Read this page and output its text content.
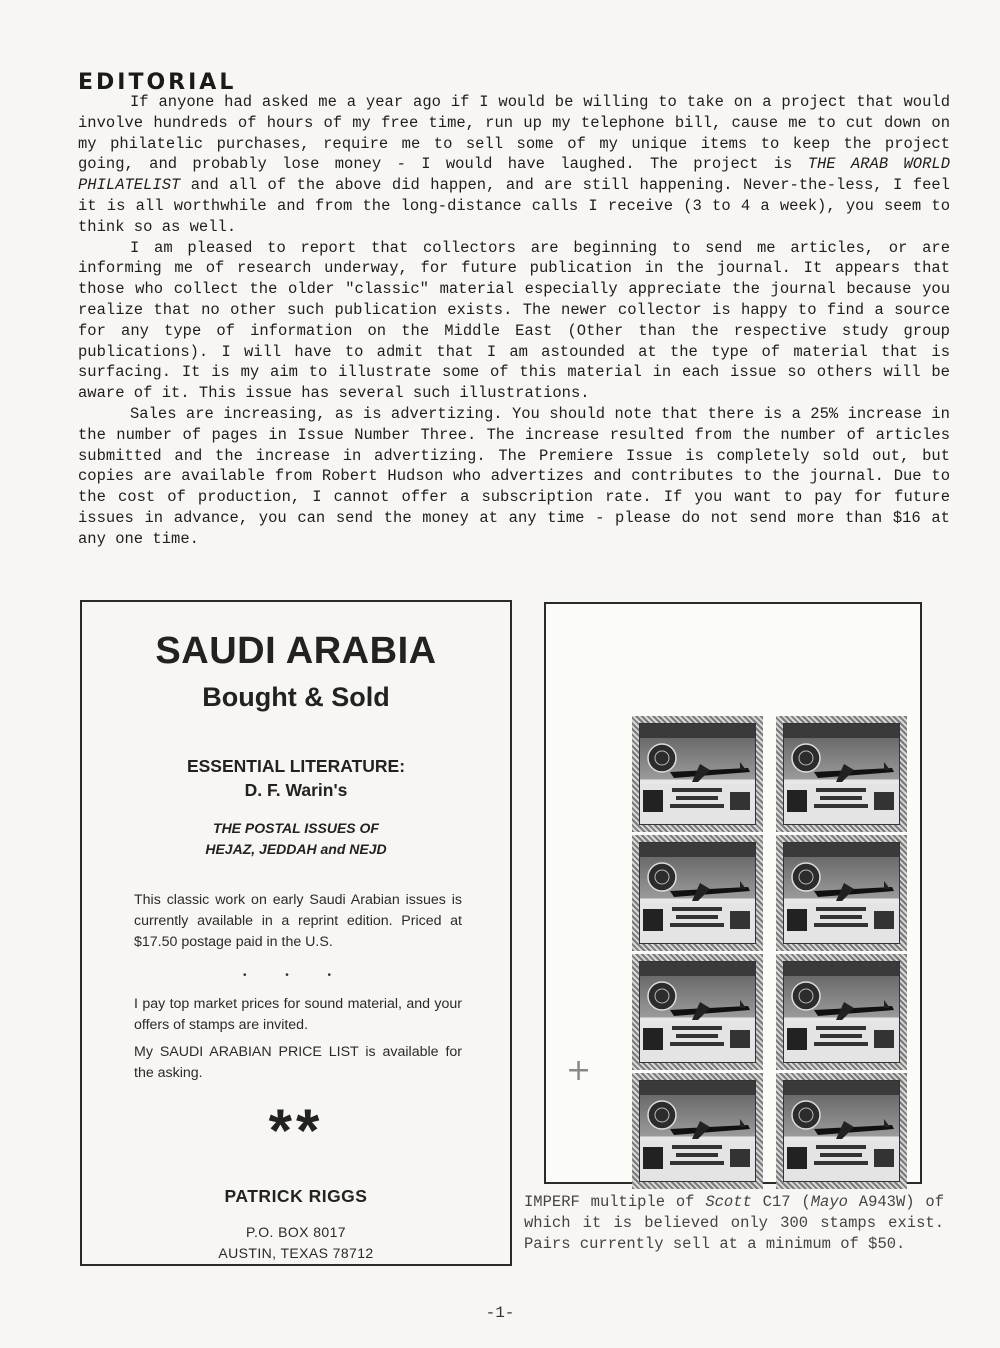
EDITORIAL

If anyone had asked me a year ago if I would be willing to take on a project that would involve hundreds of hours of my free time, run up my telephone bill, cause me to cut down on my philatelic purchases, require me to sell some of my unique items to keep the project going, and probably lose money - I would have laughed. The project is THE ARAB WORLD PHILATELIST and all of the above did happen, and are still happening. Never-the-less, I feel it is all worthwhile and from the long-distance calls I receive (3 to 4 a week), you seem to think so as well.

I am pleased to report that collectors are beginning to send me articles, or are informing me of research underway, for future publication in the journal. It appears that those who collect the older "classic" material especially appreciate the journal because you realize that no other such publication exists. The newer collector is happy to find a source for any type of information on the Middle East (Other than the respective study group publications). I will have to admit that I am astounded at the type of material that is surfacing. It is my aim to illustrate some of this material in each issue so others will be aware of it. This issue has several such illustrations.

Sales are increasing, as is advertizing. You should note that there is a 25% increase in the number of pages in Issue Number Three. The increase resulted from the number of articles submitted and the increase in advertizing. The Premiere Issue is completely sold out, but copies are available from Robert Hudson who advertizes and contributes to the journal. Due to the cost of production, I cannot offer a subscription rate. If you want to pay for future issues in advance, you can send the money at any time - please do not send more than $16 at any one time.

SAUDI ARABIA
Bought & Sold
ESSENTIAL LITERATURE:
D. F. Warin's
THE POSTAL ISSUES OF
HEJAZ, JEDDAH and NEJD
This classic work on early Saudi Arabian issues is currently available in a reprint edition. Priced at $17.50 postage paid in the U.S.
• • •
I pay top market prices for sound material, and your offers of stamps are invited.
My SAUDI ARABIAN PRICE LIST is available for the asking.
**
PATRICK RIGGS
P.O. BOX 8017
AUSTIN, TEXAS 78712
+
IMPERF multiple of Scott C17 (Mayo A943W) of which it is believed only 300 stamps exist. Pairs currently sell at a minimum of $50.
-1-
